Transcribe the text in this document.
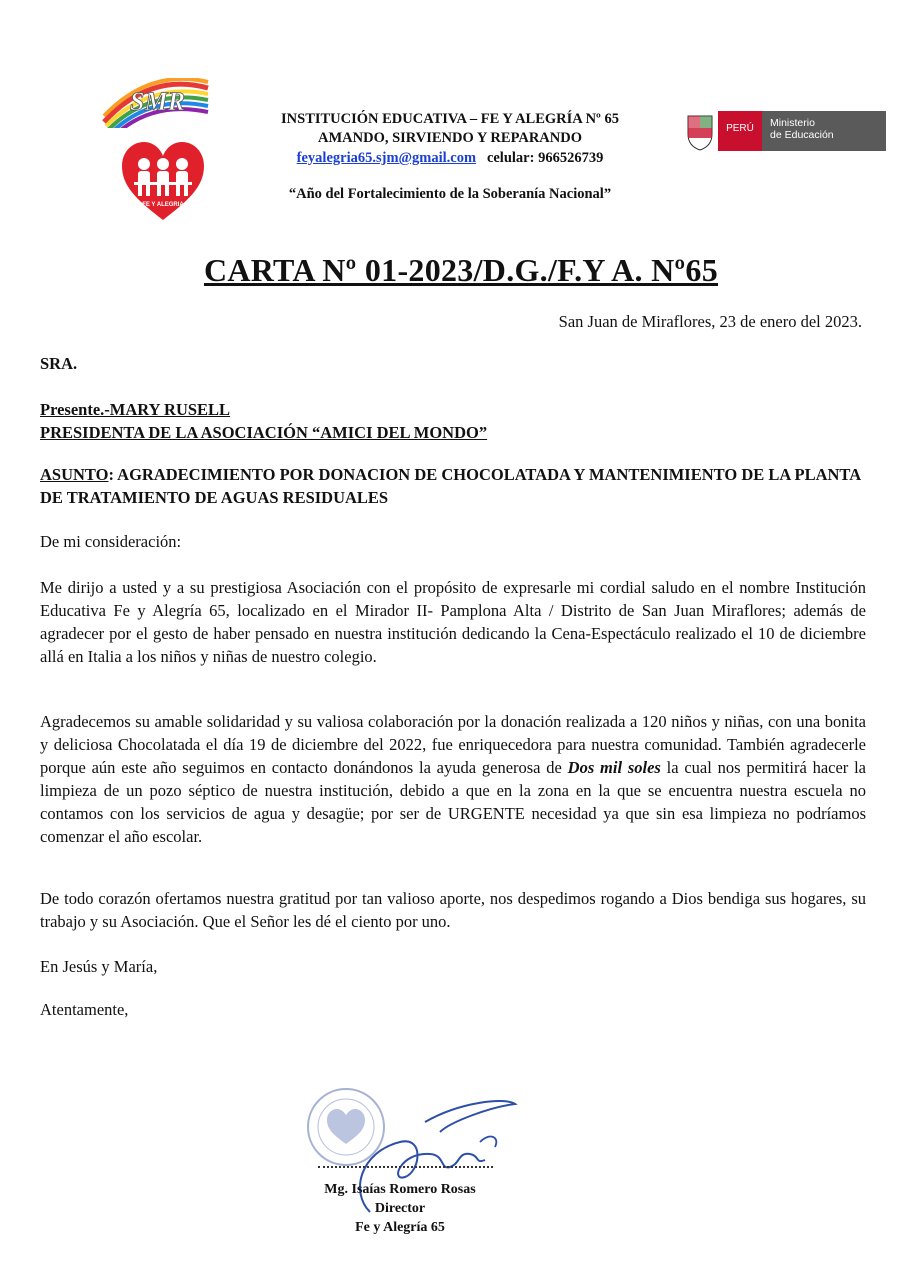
SMR
FE Y ALEGRIA
INSTITUCIÓN EDUCATIVA – FE Y ALEGRÍA Nº 65
AMANDO, SIRVIENDO Y REPARANDO
feyalegria65.sjm@gmail.com celular: 966526739
“Año del Fortalecimiento de la Soberanía Nacional”
PERÚ	Ministerio
de Educación
CARTA Nº 01-2023/D.G./F.Y A. Nº65
San Juan de Miraflores, 23 de enero del 2023.
SRA.
Presente.-MARY RUSELL
PRESIDENTA DE LA ASOCIACIÓN “AMICI DEL MONDO”
ASUNTO: AGRADECIMIENTO POR DONACION DE CHOCOLATADA Y MANTENIMIENTO DE LA PLANTA DE TRATAMIENTO DE AGUAS RESIDUALES
De mi consideración:
Me dirijo a usted y a su prestigiosa Asociación con el propósito de expresarle mi cordial saludo en el nombre Institución Educativa Fe y Alegría 65, localizado en el Mirador II- Pamplona Alta / Distrito de San Juan Miraflores; además de agradecer por el gesto de haber pensado en nuestra institución dedicando la Cena-Espectáculo realizado el 10 de diciembre allá en Italia a los niños y niñas de nuestro colegio.
Agradecemos su amable solidaridad y su valiosa colaboración por la donación realizada a 120 niños y niñas, con una bonita y deliciosa Chocolatada el día 19 de diciembre del 2022, fue enriquecedora para nuestra comunidad. También agradecerle porque aún este año seguimos en contacto donándonos la ayuda generosa de Dos mil soles la cual nos permitirá hacer la limpieza de un pozo séptico de nuestra institución, debido a que en la zona en la que se encuentra nuestra escuela no contamos con los servicios de agua y desagüe; por ser de URGENTE necesidad ya que sin esa limpieza no podríamos comenzar el año escolar.
De todo corazón ofertamos nuestra gratitud por tan valioso aporte, nos despedimos rogando a Dios bendiga sus hogares, su trabajo y su Asociación. Que el Señor les dé el ciento por uno.
En Jesús y María,
Atentamente,
Mg. Isaías Romero Rosas
Director
Fe y Alegría 65
